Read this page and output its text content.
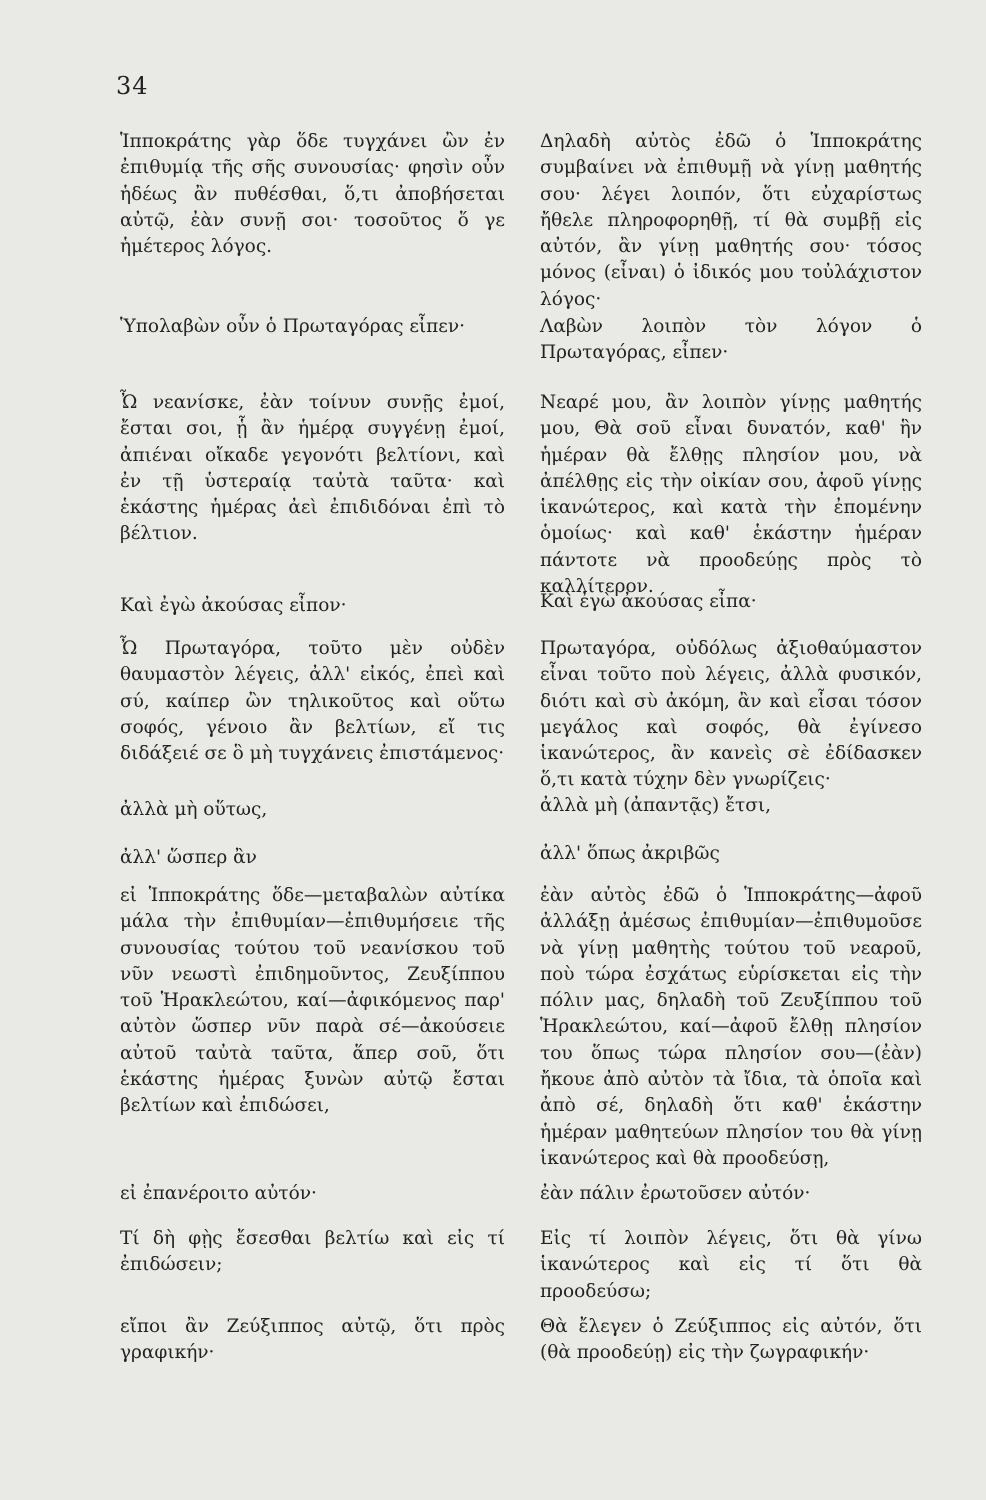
34

Ἱπποκράτης γὰρ ὅδε τυγχάνει ὢν ἐν ἐπιθυμίᾳ τῆς σῆς συνουσίας· φησὶν οὖν ἡδέως ἂν πυθέσθαι, ὅ,τι ἀποβήσεται αὐτῷ, ἐὰν συνῇ σοι· τοσοῦτος ὅ γε ἡμέτερος λόγος.

Ὑπολαβὼν οὖν ὁ Πρωταγόρας εἶπεν·

Ὦ νεανίσκε, ἐὰν τοίνυν συνῇς ἐμοί, ἔσται σοι, ᾗ ἂν ἡμέρᾳ συγγένῃ ἐμοί, ἀπιέναι οἴκαδε γεγονότι βελτίονι, καὶ ἐν τῇ ὑστεραίᾳ ταὐτὰ ταῦτα· καὶ ἑκάστης ἡμέρας ἀεὶ ἐπιδιδόναι ἐπὶ τὸ βέλτιον.

Καὶ ἐγὼ ἀκούσας εἶπον·

Ὦ Πρωταγόρα, τοῦτο μὲν οὐδὲν θαυμαστὸν λέγεις, ἀλλ' εἰκός, ἐπεὶ καὶ σύ, καίπερ ὢν τηλικοῦτος καὶ οὕτω σοφός, γένοιο ἂν βελτίων, εἴ τις διδάξειέ σε ὃ μὴ τυγχάνεις ἐπιστάμενος·

ἀλλὰ μὴ οὕτως,

ἀλλ' ὥσπερ ἂν

εἰ Ἱπποκράτης ὅδε—μεταβαλὼν αὐτίκα μάλα τὴν ἐπιθυμίαν—ἐπιθυμήσειε τῆς συνουσίας τούτου τοῦ νεανίσκου τοῦ νῦν νεωστὶ ἐπιδημοῦντος, Ζευξίππου τοῦ Ἡρακλεώτου, καί—ἀφικόμενος παρ' αὐτὸν ὥσπερ νῦν παρὰ σέ—ἀκούσειε αὐτοῦ ταὐτὰ ταῦτα, ἅπερ σοῦ, ὅτι ἑκάστης ἡμέρας ξυνὼν αὐτῷ ἔσται βελτίων καὶ ἐπιδώσει,

εἰ ἐπανέροιτο αὐτόν·

Τί δὴ φῂς ἔσεσθαι βελτίω καὶ εἰς τί ἐπιδώσειν;

εἴποι ἂν Ζεύξιππος αὐτῷ, ὅτι πρὸς γραφικήν·

Δηλαδὴ αὐτὸς ἐδῶ ὁ Ἱπποκράτης συμβαίνει νὰ ἐπιθυμῇ νὰ γίνῃ μαθητής σου· λέγει λοιπόν, ὅτι εὐχαρίστως ἤθελε πληροφορηθῇ, τί θὰ συμβῇ εἰς αὐτόν, ἂν γίνῃ μαθητής σου· τόσος μόνος (εἶναι) ὁ ἰδικός μου τοὐλάχιστον λόγος·

Λαβὼν λοιπὸν τὸν λόγον ὁ Πρωταγόρας, εἶπεν·

Νεαρέ μου, ἂν λοιπὸν γίνῃς μαθητής μου, Θὰ σοῦ εἶναι δυνατόν, καθ' ἣν ἡμέραν θὰ ἔλθῃς πλησίον μου, νὰ ἀπέλθῃς εἰς τὴν οἰκίαν σου, ἀφοῦ γίνῃς ἱκανώτερος, καὶ κατὰ τὴν ἐπομένην ὁμοίως· καὶ καθ' ἑκάστην ἡμέραν πάντοτε νὰ προοδεύῃς πρὸς τὸ καλλίτερον.

Καὶ ἐγὼ ἀκούσας εἶπα·

Πρωταγόρα, οὐδόλως ἀξιοθαύμαστον εἶναι τοῦτο ποὺ λέγεις, ἀλλὰ φυσικόν, διότι καὶ σὺ ἀκόμη, ἂν καὶ εἶσαι τόσον μεγάλος καὶ σοφός, θὰ ἐγίνεσο ἱκανώτερος, ἂν κανεὶς σὲ ἐδίδασκεν ὅ,τι κατὰ τύχην δὲν γνωρίζεις·

ἀλλὰ μὴ (ἀπαντᾷς) ἔτσι,

ἀλλ' ὅπως ἀκριβῶς

ἐὰν αὐτὸς ἐδῶ ὁ Ἱπποκράτης—ἀφοῦ ἀλλάξῃ ἀμέσως ἐπιθυμίαν—ἐπιθυμοῦσε νὰ γίνῃ μαθητὴς τούτου τοῦ νεαροῦ, ποὺ τώρα ἐσχάτως εὑρίσκεται εἰς τὴν πόλιν μας, δηλαδὴ τοῦ Ζευξίππου τοῦ Ἡρακλεώτου, καί—ἀφοῦ ἔλθῃ πλησίον του ὅπως τώρα πλησίον σου—(ἐὰν) ἤκουε ἀπὸ αὐτὸν τὰ ἴδια, τὰ ὁποῖα καὶ ἀπὸ σέ, δηλαδὴ ὅτι καθ' ἑκάστην ἡμέραν μαθητεύων πλησίον του θὰ γίνῃ ἱκανώτερος καὶ θὰ προοδεύσῃ,

ἐὰν πάλιν ἐρωτοῦσεν αὐτόν·

Εἰς τί λοιπὸν λέγεις, ὅτι θὰ γίνω ἱκανώτερος καὶ εἰς τί ὅτι θὰ προοδεύσω;

Θὰ ἔλεγεν ὁ Ζεύξιππος εἰς αὐτόν, ὅτι (θὰ προοδεύῃ) εἰς τὴν ζωγραφικήν·
